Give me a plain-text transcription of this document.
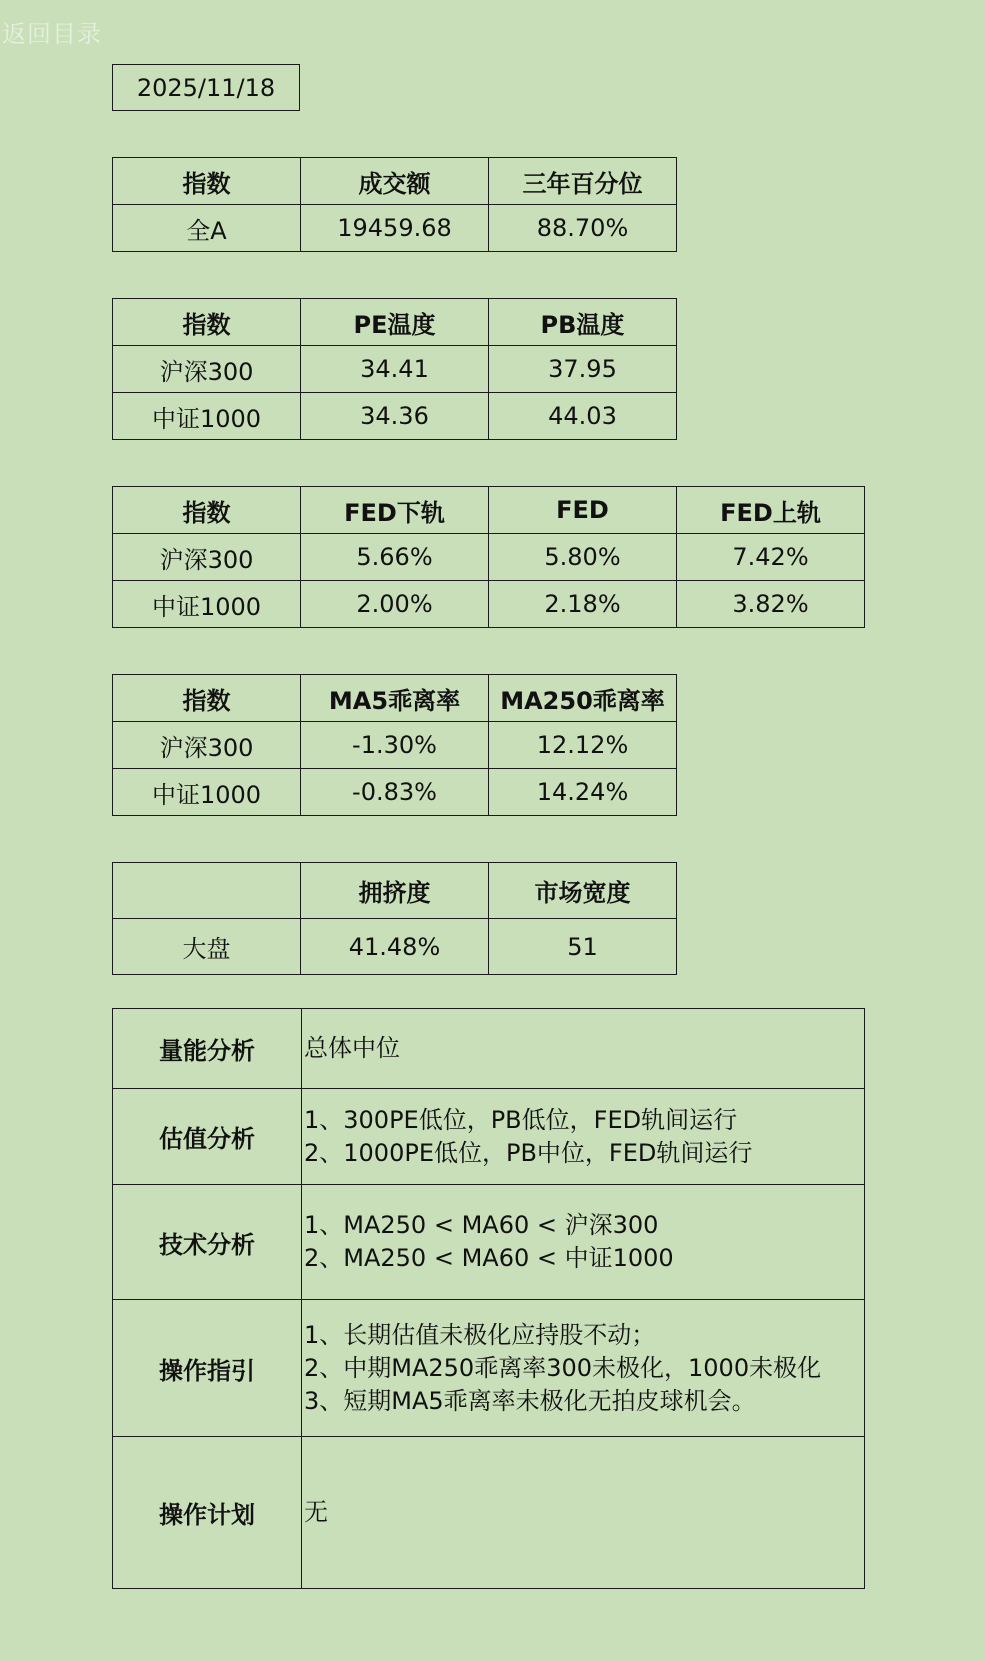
返回目录
2025/11/18
指数	成交额	三年百分位
全A	19459.68	88.70%
指数	PE温度	PB温度
沪深300	34.41	37.95
中证1000	34.36	44.03
指数	FED下轨	FED	FED上轨
沪深300	5.66%	5.80%	7.42%
中证1000	2.00%	2.18%	3.82%
指数	MA5乖离率	MA250乖离率
沪深300	-1.30%	12.12%
中证1000	-0.83%	14.24%
	拥挤度	市场宽度
大盘	41.48%	51
量能分析	总体中位

估值分析	1、300PE低位，PB低位，FED轨间运行
2、1000PE低位，PB中位，FED轨间运行

技术分析	1、MA250 < MA60 < 沪深300
2、MA250 < MA60 < 中证1000

操作指引	1、长期估值未极化应持股不动；
2、中期MA250乖离率300未极化，1000未极化
3、短期MA5乖离率未极化无拍皮球机会。

操作计划	无
